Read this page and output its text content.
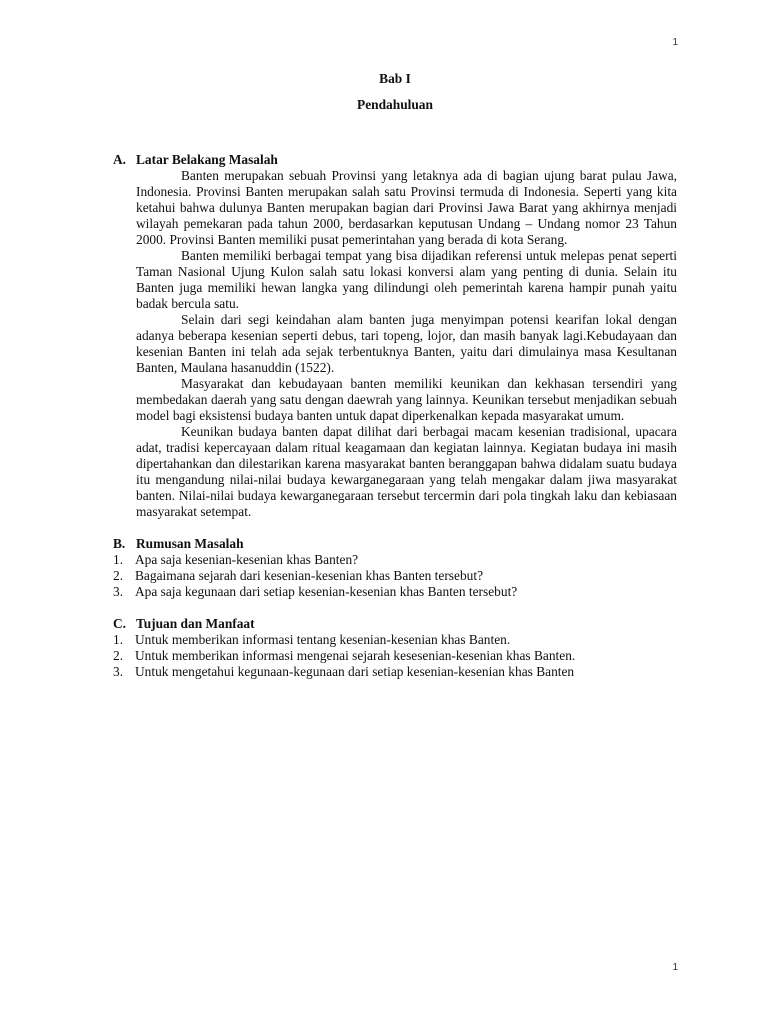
1
Bab I
Pendahuluan
A. Latar Belakang Masalah

Banten merupakan sebuah Provinsi yang letaknya ada di bagian ujung barat pulau Jawa, Indonesia. Provinsi Banten merupakan salah satu Provinsi termuda di Indonesia. Seperti yang kita ketahui bahwa dulunya Banten merupakan bagian dari Provinsi Jawa Barat yang akhirnya menjadi wilayah pemekaran pada tahun 2000, berdasarkan keputusan Undang – Undang nomor 23 Tahun 2000. Provinsi Banten memiliki pusat pemerintahan yang berada di kota Serang.

Banten memiliki berbagai tempat yang bisa dijadikan referensi untuk melepas penat seperti Taman Nasional Ujung Kulon salah satu lokasi konversi alam yang penting di dunia. Selain itu Banten juga memiliki hewan langka yang dilindungi oleh pemerintah karena hampir punah yaitu badak bercula satu.

Selain dari segi keindahan alam banten juga menyimpan potensi kearifan lokal dengan adanya beberapa kesenian seperti debus, tari topeng, lojor, dan masih banyak lagi.Kebudayaan dan kesenian Banten ini telah ada sejak terbentuknya Banten, yaitu dari dimulainya masa Kesultanan Banten, Maulana hasanuddin (1522).

Masyarakat dan kebudayaan banten memiliki keunikan dan kekhasan tersendiri yang membedakan daerah yang satu dengan daewrah yang lainnya. Keunikan tersebut menjadikan sebuah model bagi eksistensi budaya banten untuk dapat diperkenalkan kepada masyarakat umum.

Keunikan budaya banten dapat dilihat dari berbagai macam kesenian tradisional, upacara adat, tradisi kepercayaan dalam ritual keagamaan dan kegiatan lainnya. Kegiatan budaya ini masih dipertahankan dan dilestarikan karena masyarakat banten beranggapan bahwa didalam suatu budaya itu mengandung nilai-nilai budaya kewarganegaraan yang telah mengakar dalam jiwa masyarakat banten. Nilai-nilai budaya kewarganegaraan tersebut tercermin dari pola tingkah laku dan kebiasaan masyarakat setempat.

B. Rumusan Masalah
1. Apa saja kesenian-kesenian khas Banten?
2. Bagaimana sejarah dari kesenian-kesenian khas Banten tersebut?
3. Apa saja kegunaan dari setiap kesenian-kesenian khas Banten tersebut?
C. Tujuan dan Manfaat
1. Untuk memberikan informasi tentang kesenian-kesenian khas Banten.
2. Untuk memberikan informasi mengenai sejarah kesesenian-kesenian khas Banten.
3. Untuk mengetahui kegunaan-kegunaan dari setiap kesenian-kesenian khas Banten
1
